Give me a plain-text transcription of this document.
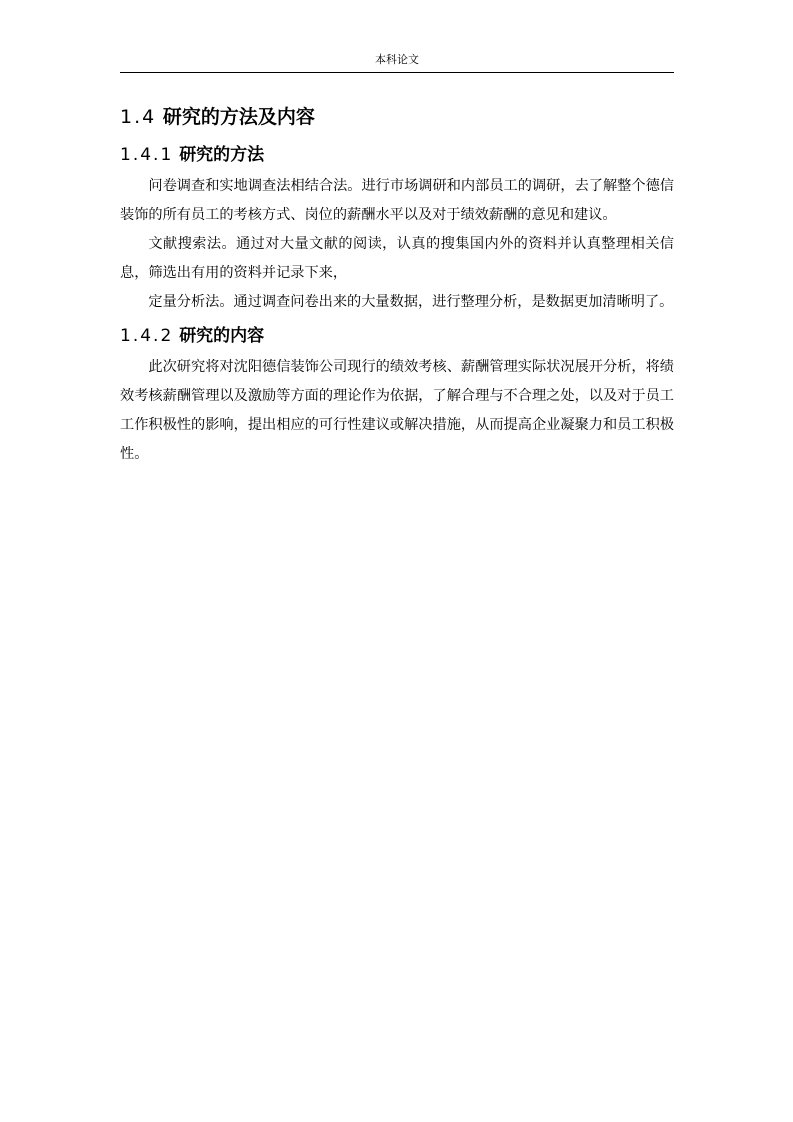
本科论文
1.4 研究的方法及内容
1.4.1 研究的方法

问卷调查和实地调查法相结合法。进行市场调研和内部员工的调研，去了解整个德信装饰的所有员工的考核方式、岗位的薪酬水平以及对于绩效薪酬的意见和建议。

文献搜索法。通过对大量文献的阅读，认真的搜集国内外的资料并认真整理相关信息，筛选出有用的资料并记录下来，

定量分析法。通过调查问卷出来的大量数据，进行整理分析，是数据更加清晰明了。

1.4.2 研究的内容

此次研究将对沈阳德信装饰公司现行的绩效考核、薪酬管理实际状况展开分析，将绩效考核薪酬管理以及激励等方面的理论作为依据，了解合理与不合理之处，以及对于员工工作积极性的影响，提出相应的可行性建议或解决措施，从而提高企业凝聚力和员工积极性。
